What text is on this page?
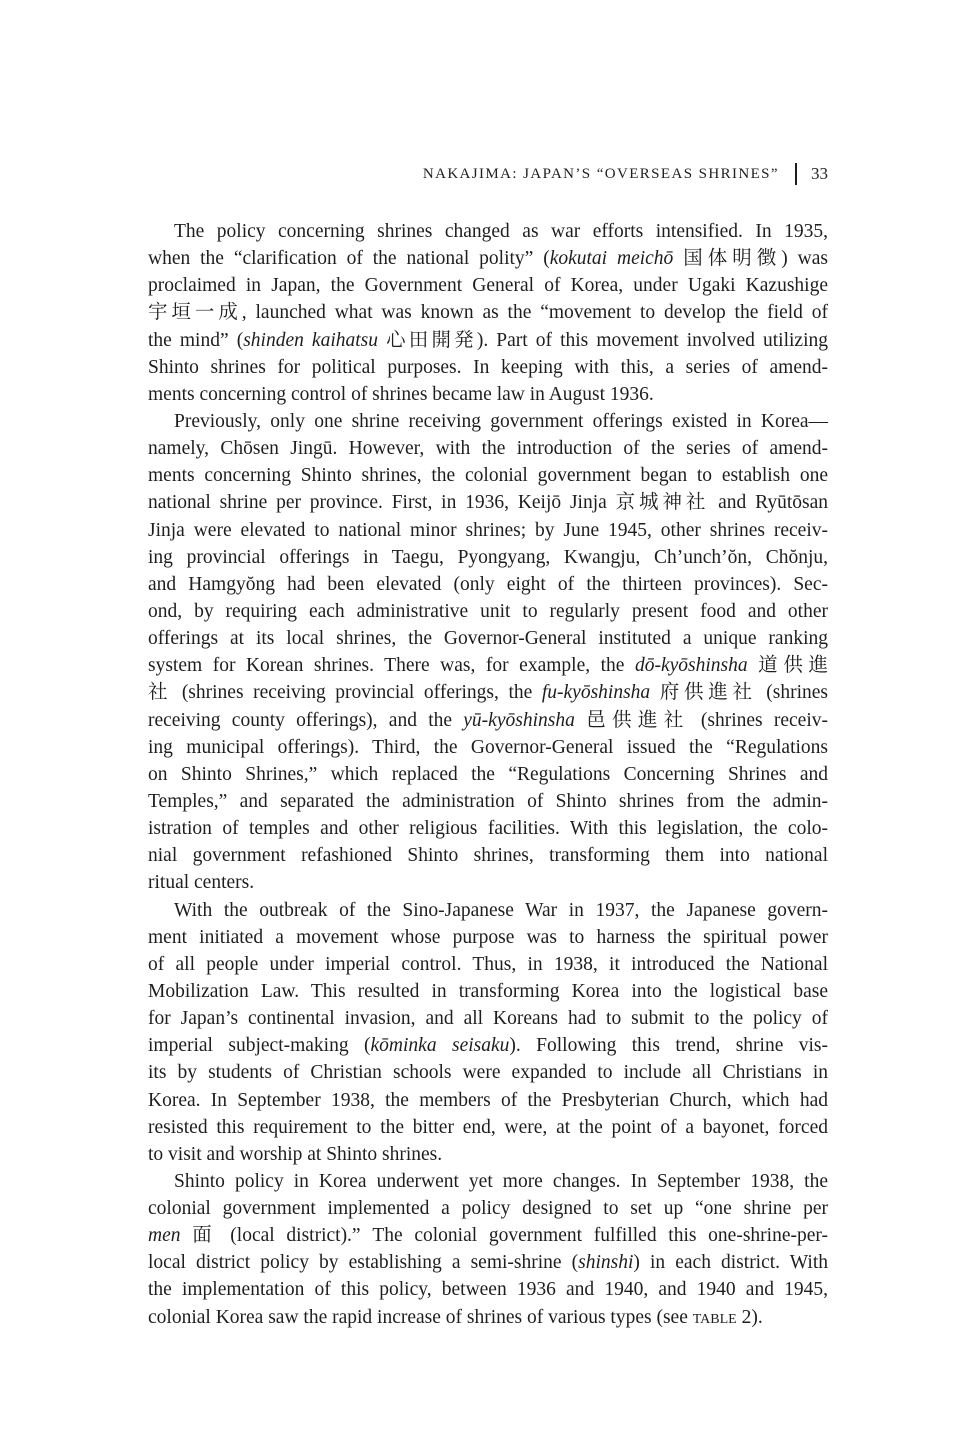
NAKAJIMA: JAPAN’S “OVERSEAS SHRINES” 33
The policy concerning shrines changed as war efforts intensified. In 1935,
when the “clarification of the national polity” (kokutai meichō 国体明徴) was
proclaimed in Japan, the Government General of Korea, under Ugaki Kazushige
宇垣一成, launched what was known as the “movement to develop the field of
the mind” (shinden kaihatsu 心田開発). Part of this movement involved utilizing
Shinto shrines for political purposes. In keeping with this, a series of amend-
ments concerning control of shrines became law in August 1936.
Previously, only one shrine receiving government offerings existed in Korea—
namely, Chōsen Jingū. However, with the introduction of the series of amend-
ments concerning Shinto shrines, the colonial government began to establish one
national shrine per province. First, in 1936, Keijō Jinja 京城神社 and Ryūtōsan
Jinja were elevated to national minor shrines; by June 1945, other shrines receiv-
ing provincial offerings in Taegu, Pyongyang, Kwangju, Ch’unch’ŏn, Chŏnju,
and Hamgyŏng had been elevated (only eight of the thirteen provinces). Sec-
ond, by requiring each administrative unit to regularly present food and other
offerings at its local shrines, the Governor-General instituted a unique ranking
system for Korean shrines. There was, for example, the dō-kyōshinsha 道供進
社 (shrines receiving provincial offerings, the fu-kyōshinsha 府供進社 (shrines
receiving county offerings), and the yū-kyōshinsha 邑供進社 (shrines receiv-
ing municipal offerings). Third, the Governor-General issued the “Regulations
on Shinto Shrines,” which replaced the “Regulations Concerning Shrines and
Temples,” and separated the administration of Shinto shrines from the admin-
istration of temples and other religious facilities. With this legislation, the colo-
nial government refashioned Shinto shrines, transforming them into national
ritual centers.
With the outbreak of the Sino-Japanese War in 1937, the Japanese govern-
ment initiated a movement whose purpose was to harness the spiritual power
of all people under imperial control. Thus, in 1938, it introduced the National
Mobilization Law. This resulted in transforming Korea into the logistical base
for Japan’s continental invasion, and all Koreans had to submit to the policy of
imperial subject-making (kōminka seisaku). Following this trend, shrine vis-
its by students of Christian schools were expanded to include all Christians in
Korea. In September 1938, the members of the Presbyterian Church, which had
resisted this requirement to the bitter end, were, at the point of a bayonet, forced
to visit and worship at Shinto shrines.
Shinto policy in Korea underwent yet more changes. In September 1938, the
colonial government implemented a policy designed to set up “one shrine per
men 面 (local district).” The colonial government fulfilled this one-shrine-per-
local district policy by establishing a semi-shrine (shinshi) in each district. With
the implementation of this policy, between 1936 and 1940, and 1940 and 1945,
colonial Korea saw the rapid increase of shrines of various types (see table 2).
